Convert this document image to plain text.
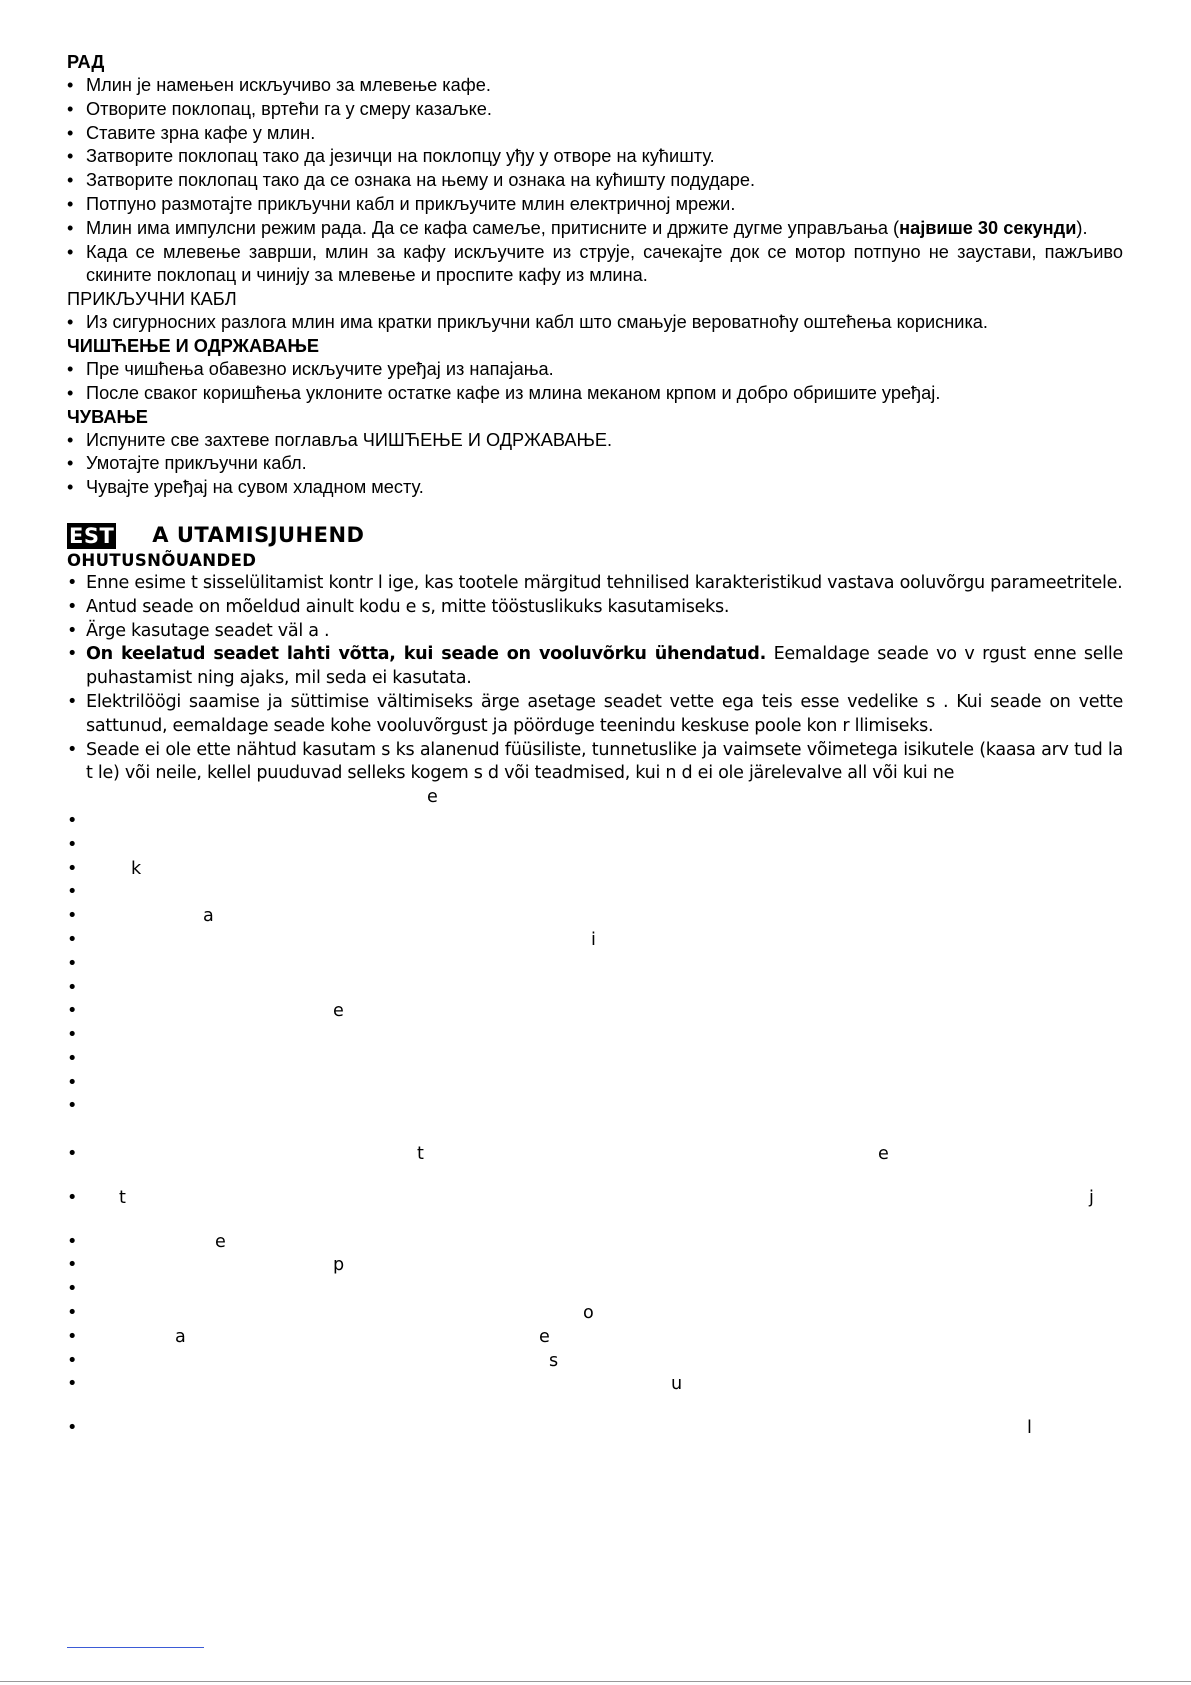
РАД
• Млин је намењен искључиво за млевење кафе.
• Отворите поклопац, вртећи га у смеру казаљке.
• Ставите зрна кафе у млин.
• Затворите поклопац тако да језичци на поклопцу уђу у отворе на кућишту.
• Затворите поклопац тако да се ознака на њему и ознака на кућишту подударе.
• Потпуно размотајте прикључни кабл и прикључите млин електричној мрежи.
• Млин има импулсни режим рада. Да се кафа самеље, притисните и држите дугме управљања (највише 30 секунди).
• Када се млевење заврши, млин за кафу искључите из струје, сачекајте док се мотор потпуно не заустави, пажљиво скините поклопац и чинију за млевење и проспите кафу из млина.
ПРИКЉУЧНИ КАБЛ
• Из сигурносних разлога млин има кратки прикључни кабл што смањује вероватноћу оштећења корисника.
ЧИШЋЕЊЕ И ОДРЖАВАЊЕ
• Пре чишћења обавезно искључите уређај из напајања.
• После сваког коришћења уклоните остатке кафе из млина меканом крпом и добро обришите уређај.
ЧУВАЊЕ
• Испуните све захтеве поглавља ЧИШЋЕЊЕ И ОДРЖАВАЊЕ.
• Умотајте прикључни кабл.
• Чувајте уређај на сувом хладном месту.
EST A UTAMISJUHEND
OHUTUSNÕUANDED
• Enne esime t sisselülitamist kontr l ige, kas tootele märgitud tehnilised karakteristikud vastava ooluvõrgu parameetritele.
• Antud seade on mõeldud ainult kodu e s, mitte tööstuslikuks kasutamiseks.
• Ärge kasutage seadet väl a .
• On keelatud seadet lahti võtta, kui seade on vooluvõrku ühendatud. Eemaldage seade vo v rgust enne selle puhastamist ning ajaks, mil seda ei kasutata.
• Elektrilöögi saamise ja süttimise vältimiseks ärge asetage seadet vette ega teis esse vedelike s . Kui seade on vette sattunud, eemaldage seade kohe vooluvõrgust ja pöörduge teenindu keskuse poole kon r llimiseks.
• Seade ei ole ette nähtud kasutam s ks alanenud füüsiliste, tunnetuslike ja vaimsete võimetega isikutele (kaasa arv tud la t le) või neile, kellel puuduvad selleks kogem s d või teadmised, kui n d ei ole järelevalve all või kui ne
e
•
•
• k
•
• a
• i
•
•
• e
•
•
•
•
• t	e
• t	j
• e
• p
•
• o
• a	e
• s
• u
• l
